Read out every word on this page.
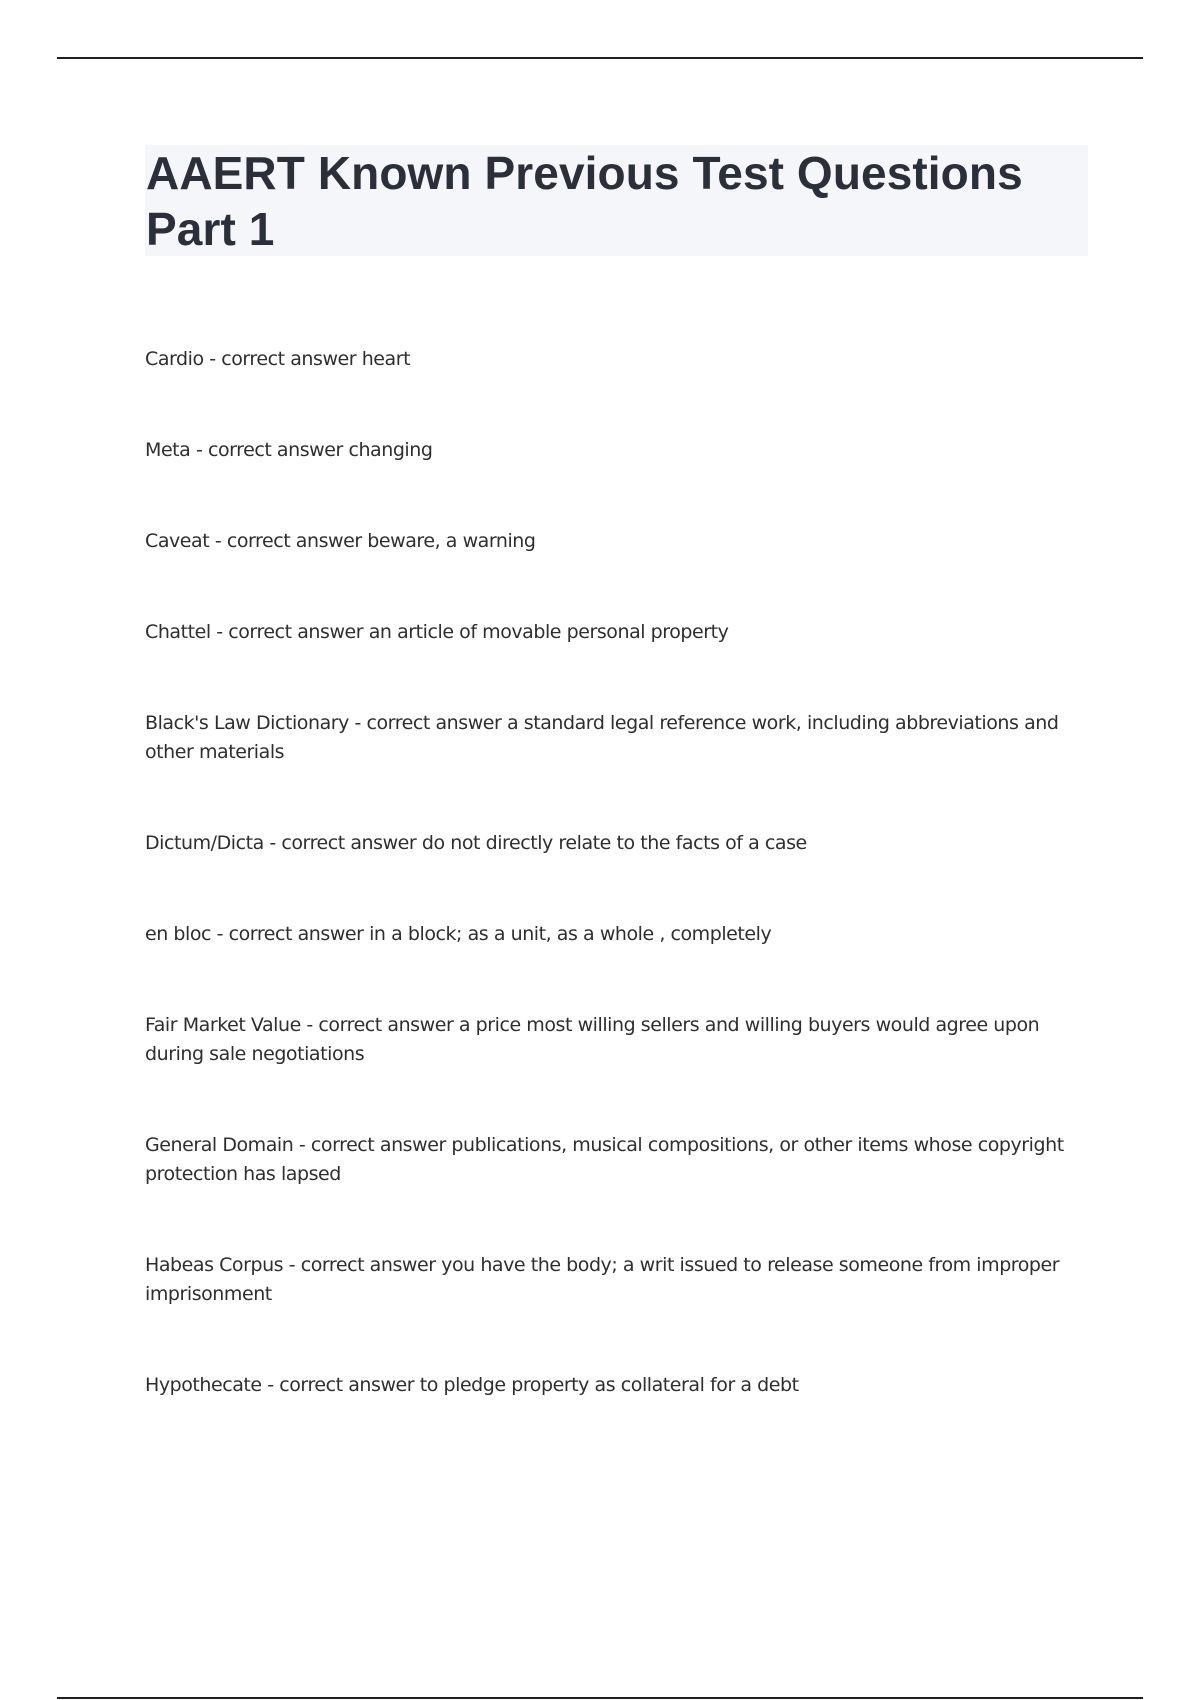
AAERT Known Previous Test Questions Part 1
Cardio - correct answer heart
Meta - correct answer changing
Caveat - correct answer beware, a warning
Chattel - correct answer an article of movable personal property
Black's Law Dictionary - correct answer a standard legal reference work, including abbreviations and other materials
Dictum/Dicta - correct answer do not directly relate to the facts of a case
en bloc - correct answer in a block; as a unit, as a whole , completely
Fair Market Value - correct answer a price most willing sellers and willing buyers would agree upon during sale negotiations
General Domain - correct answer publications, musical compositions, or other items whose copyright protection has lapsed
Habeas Corpus - correct answer you have the body; a writ issued to release someone from improper imprisonment
Hypothecate - correct answer to pledge property as collateral for a debt
